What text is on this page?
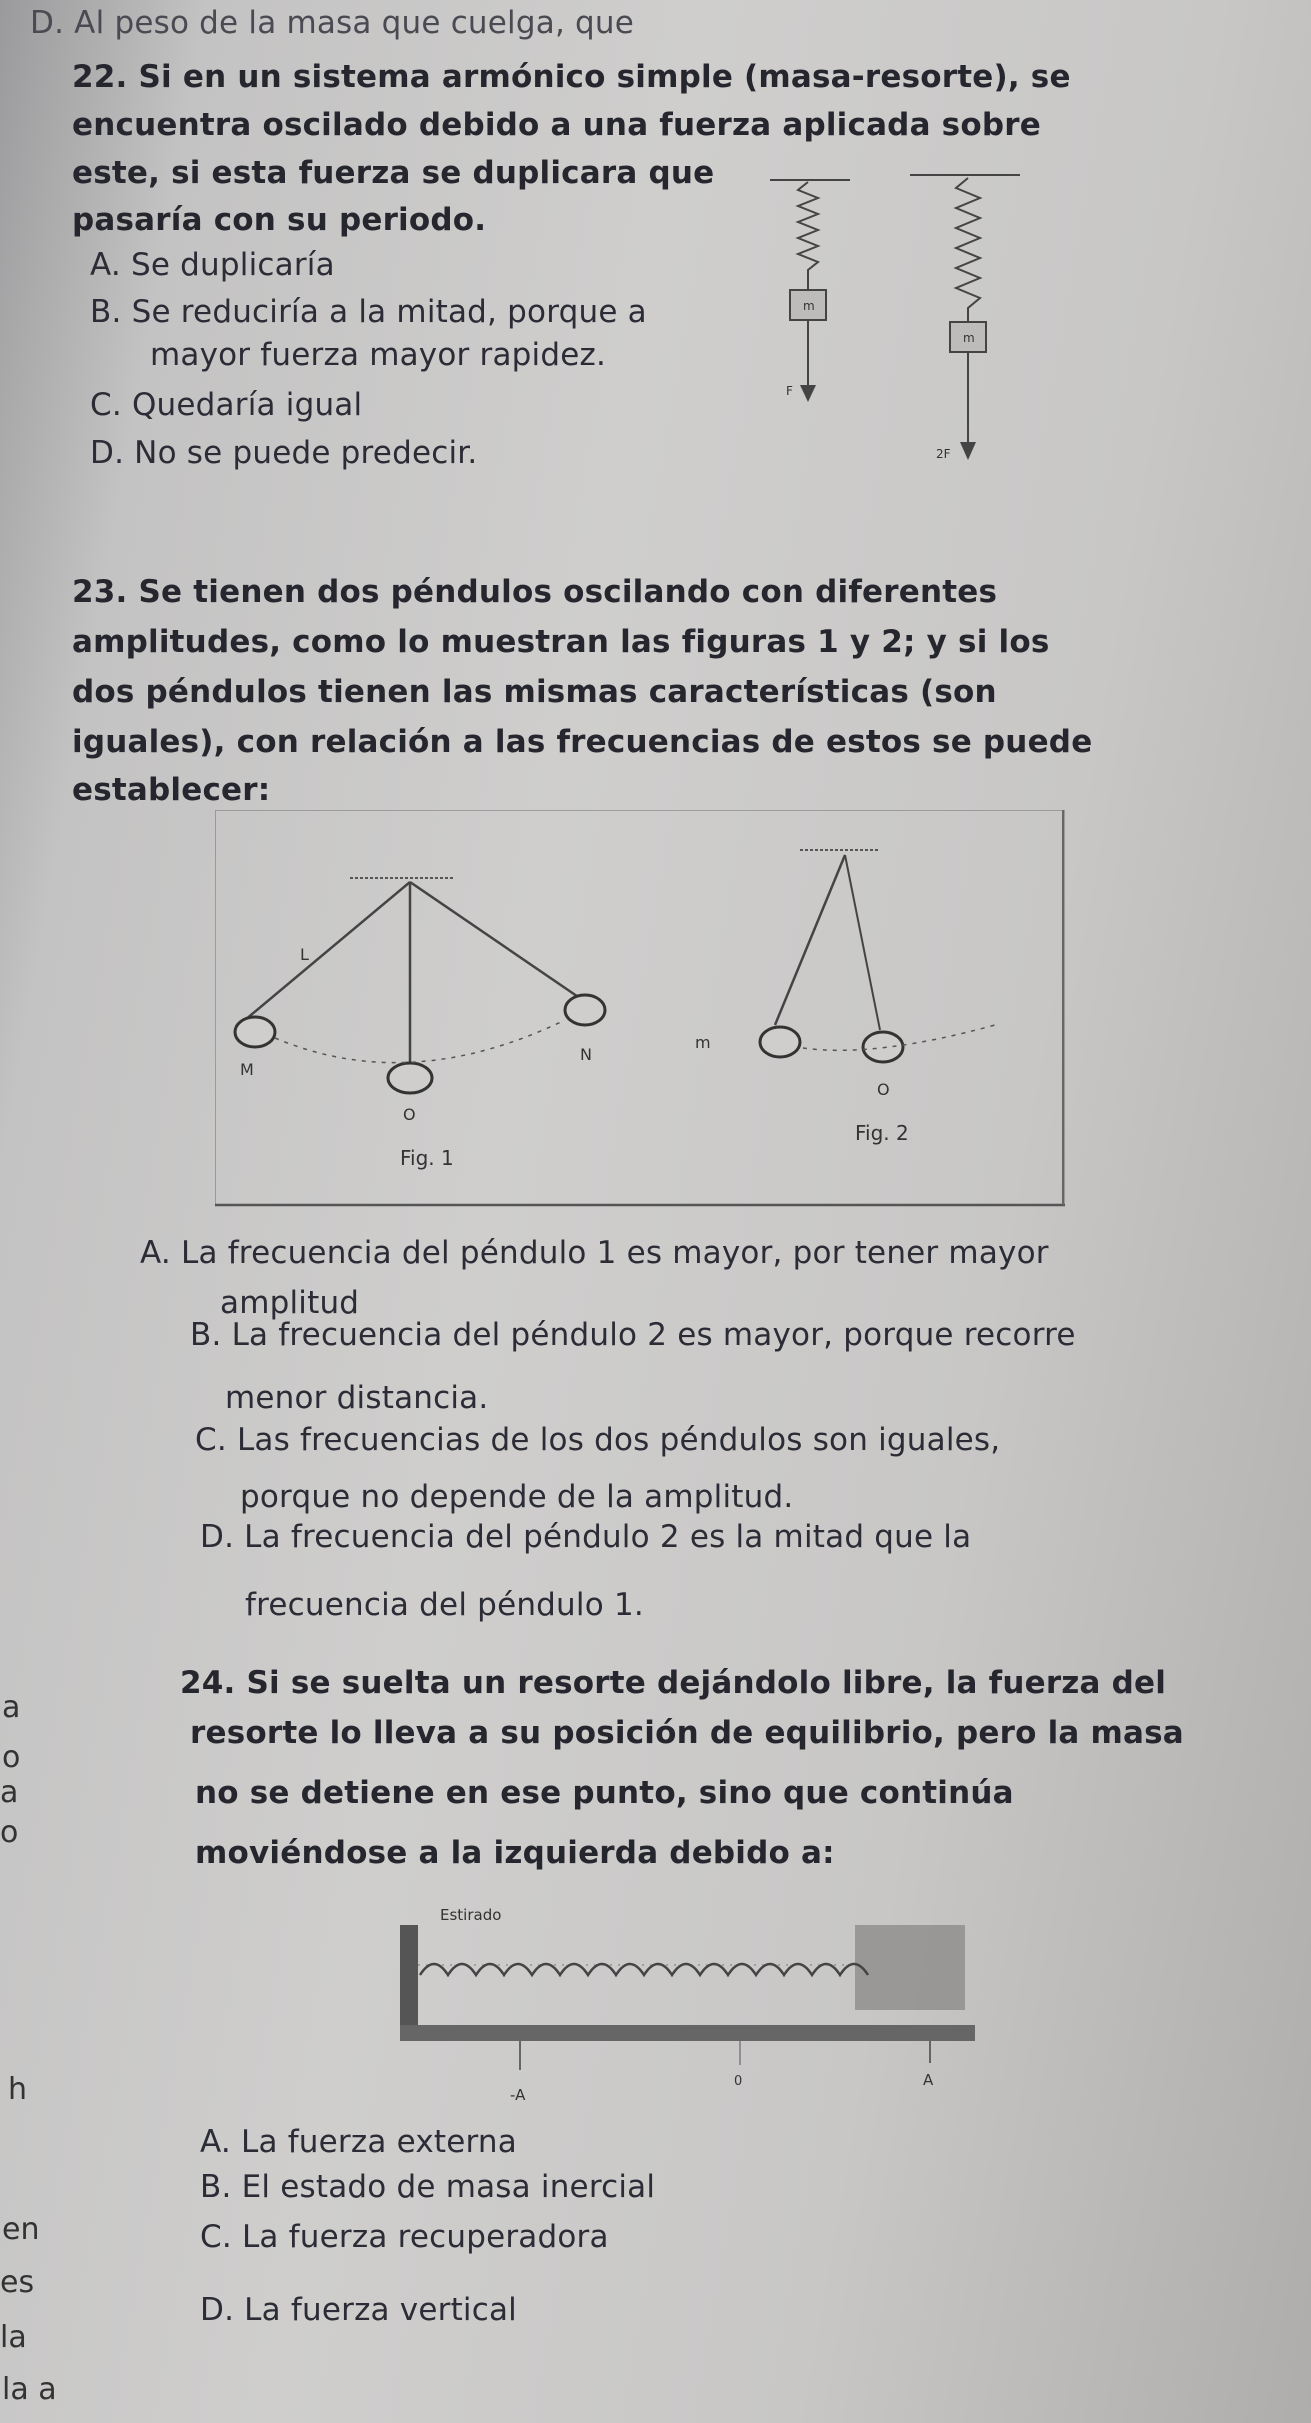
D. Al peso de la masa que cuelga, que
22. Si en un sistema armónico simple (masa-resorte), se
encuentra oscilado debido a una fuerza aplicada sobre
este, si esta fuerza se duplicara que
pasaría con su periodo.
A. Se duplicaría
B. Se reduciría a la mitad, porque a
mayor fuerza mayor rapidez.
C. Quedaría igual
D. No se puede predecir.
m
F
m
2F
23. Se tienen dos péndulos oscilando con diferentes
amplitudes, como lo muestran las figuras 1 y 2; y si los
dos péndulos tienen las mismas características (son
iguales), con relación a las frecuencias de estos se puede
establecer:
L
M
N
O
Fig. 1
m
O
Fig. 2
A. La frecuencia del péndulo 1 es mayor, por tener mayor
amplitud
B. La frecuencia del péndulo 2 es mayor, porque recorre
menor distancia.
C. Las frecuencias de los dos péndulos son iguales,
porque no depende de la amplitud.
D. La frecuencia del péndulo 2 es la mitad que la
frecuencia del péndulo 1.
24. Si se suelta un resorte dejándolo libre, la fuerza del
resorte lo lleva a su posición de equilibrio, pero la masa
no se detiene en ese punto, sino que continúa
moviéndose a la izquierda debido a:
Estirado
-A
0	A
A. La fuerza externa
B. El estado de masa inercial
C. La fuerza recuperadora
D. La fuerza vertical
a
o
a
o
h
en
es
la
la a
